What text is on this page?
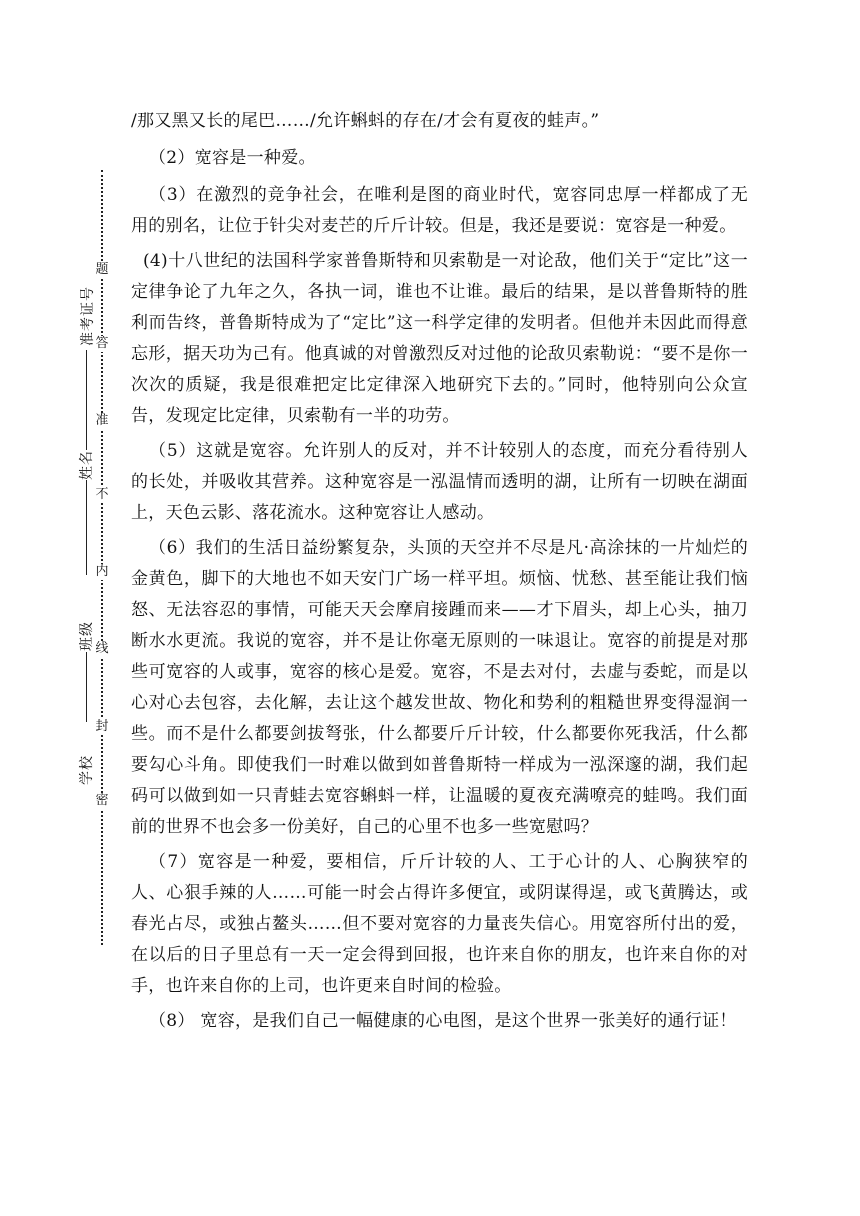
题
答
准
不
内
线
封
密
准考证号
姓名
班级
学校

/那又黑又长的尾巴……/允许蝌蚪的存在/才会有夏夜的蛙声。”

（2）宽容是一种爱。

（3）在激烈的竞争社会，在唯利是图的商业时代，宽容同忠厚一样都成了无用的别名，让位于针尖对麦芒的斤斤计较。但是，我还是要说：宽容是一种爱。

(4)十八世纪的法国科学家普鲁斯特和贝索勒是一对论敌，他们关于“定比”这一定律争论了九年之久，各执一词，谁也不让谁。最后的结果，是以普鲁斯特的胜利而告终，普鲁斯特成为了“定比”这一科学定律的发明者。但他并未因此而得意忘形，据天功为己有。他真诚的对曾激烈反对过他的论敌贝索勒说：“要不是你一次次的质疑，我是很难把定比定律深入地研究下去的。”同时，他特别向公众宣告，发现定比定律，贝索勒有一半的功劳。

（5）这就是宽容。允许别人的反对，并不计较别人的态度，而充分看待别人的长处，并吸收其营养。这种宽容是一泓温情而透明的湖，让所有一切映在湖面上，天色云影、落花流水。这种宽容让人感动。

（6）我们的生活日益纷繁复杂，头顶的天空并不尽是凡·高涂抹的一片灿烂的金黄色，脚下的大地也不如天安门广场一样平坦。烦恼、忧愁、甚至能让我们恼怒、无法容忍的事情，可能天天会摩肩接踵而来——才下眉头，却上心头，抽刀断水水更流。我说的宽容，并不是让你毫无原则的一味退让。宽容的前提是对那些可宽容的人或事，宽容的核心是爱。宽容，不是去对付，去虚与委蛇，而是以心对心去包容，去化解，去让这个越发世故、物化和势利的粗糙世界变得湿润一些。而不是什么都要剑拔弩张，什么都要斤斤计较，什么都要你死我活，什么都要勾心斗角。即使我们一时难以做到如普鲁斯特一样成为一泓深邃的湖，我们起码可以做到如一只青蛙去宽容蝌蚪一样，让温暖的夏夜充满嘹亮的蛙鸣。我们面前的世界不也会多一份美好，自己的心里不也多一些宽慰吗？

（7）宽容是一种爱，要相信，斤斤计较的人、工于心计的人、心胸狭窄的人、心狠手辣的人……可能一时会占得许多便宜，或阴谋得逞，或飞黄腾达，或春光占尽，或独占鳌头……但不要对宽容的力量丧失信心。用宽容所付出的爱，在以后的日子里总有一天一定会得到回报，也许来自你的朋友，也许来自你的对手，也许来自你的上司，也许更来自时间的检验。

（8） 宽容，是我们自己一幅健康的心电图，是这个世界一张美好的通行证！
